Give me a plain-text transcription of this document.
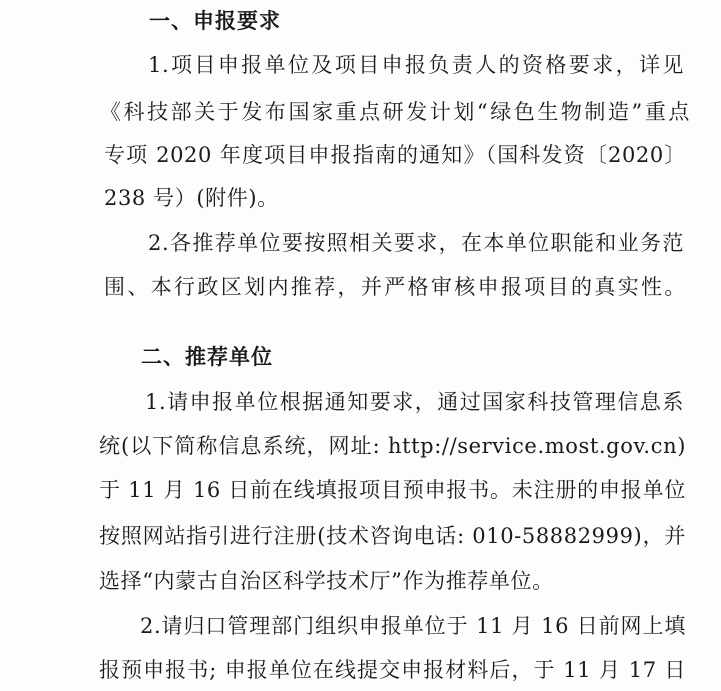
一、申报要求
1.项目申报单位及项目申报负责人的资格要求，详见
《科技部关于发布国家重点研发计划“绿色生物制造”重点
专项 2020 年度项目申报指南的通知》（国科发资〔2020〕
238 号）(附件)。
2.各推荐单位要按照相关要求，在本单位职能和业务范
围、本行政区划内推荐，并严格审核申报项目的真实性。
二、推荐单位
1.请申报单位根据通知要求，通过国家科技管理信息系
统(以下简称信息系统，网址: http://service.most.gov.cn)
于 11 月 16 日前在线填报项目预申报书。未注册的申报单位
按照网站指引进行注册(技术咨询电话: 010-58882999)，并
选择“内蒙古自治区科学技术厅”作为推荐单位。
2.请归口管理部门组织申报单位于 11 月 16 日前网上填
报预申报书; 申报单位在线提交申报材料后，于 11 月 17 日
